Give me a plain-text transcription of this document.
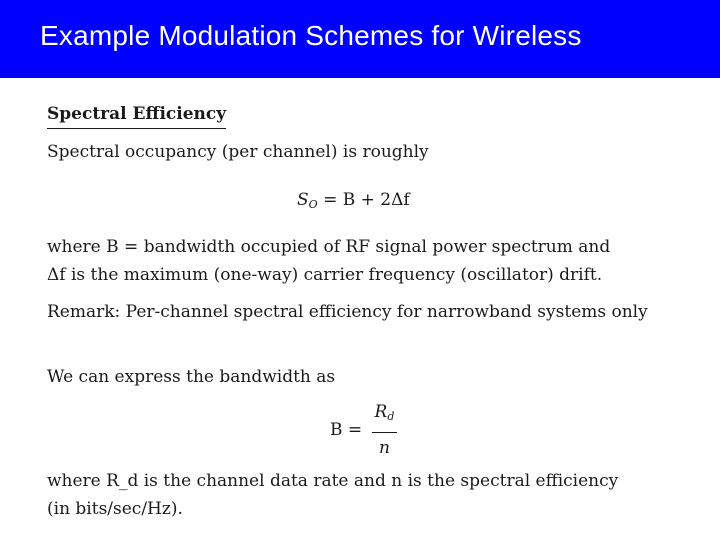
Example Modulation Schemes for Wireless
Spectral Efficiency

Spectral occupancy (per channel) is roughly

$S_O = B + 2\Delta f$

where B = bandwidth occupied of RF signal power spectrum and

Δf is the maximum (one-way) carrier frequency (oscillator) drift.

Remark: Per-channel spectral efficiency for narrowband systems only

We can express the bandwidth as

$B = \frac{R_d}{n}$

where R_d is the channel data rate and n is the spectral efficiency

(in bits/sec/Hz).
